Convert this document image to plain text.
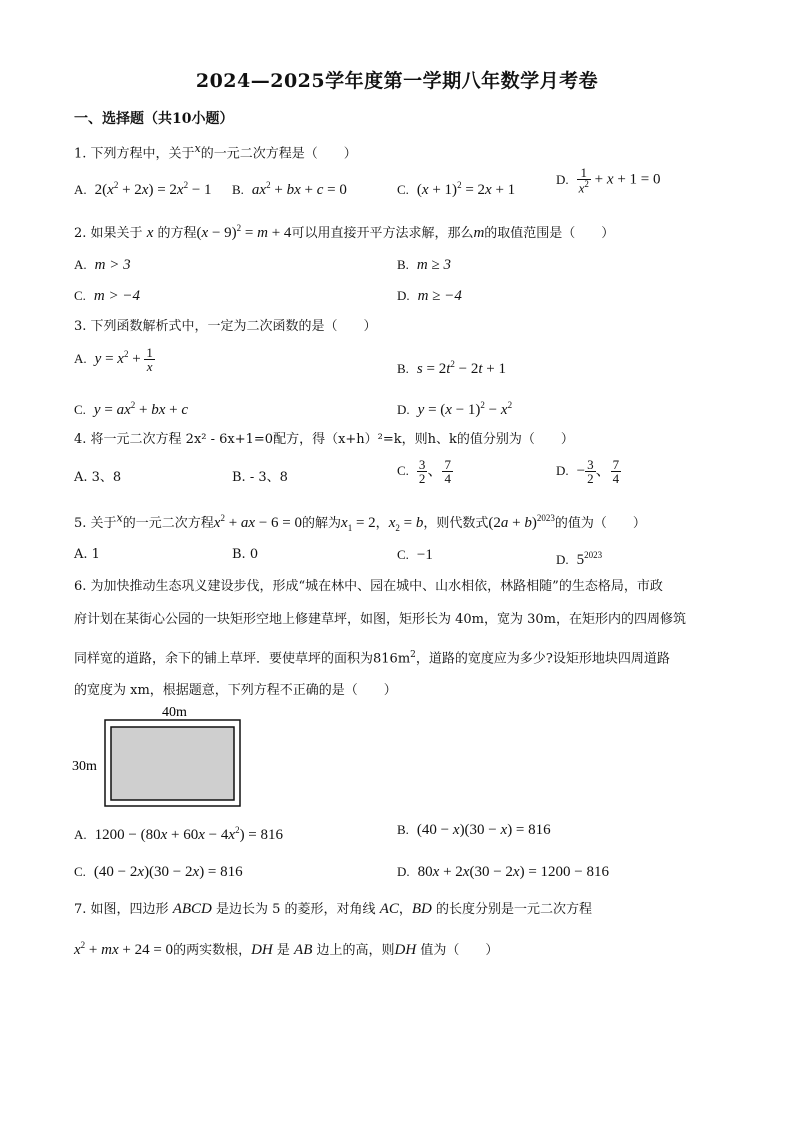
2024—2025学年度第一学期八年数学月考卷
一、选择题（共10小题）
1. 下列方程中，关于$^x$的一元二次方程是（　　）
A. $2(x^2 + 2x) = 2x^2 - 1$ B. $ax^2$ + bx + c = 0	C. $(x + 1)^2 = 2x + 1$
D. $\frac{1}{x^2} + x + 1 = 0$
2. 如果关于 x 的方程$(x - 9)^2 = m + 4$可以用直接开平方法求解，那么m的取值范围是（　　）
A. m > 3	B. m ≥ 3
C. m > −4	D. m ≥ −4
3. 下列函数解析式中，一定为二次函数的是（　　）
A. $y = x^2 + \frac{1}{x}$	B. $s = 2t^2 - 2t + 1$
C. $y = ax^2$ + bx + c	D. $y = (x - 1)^2 - x^2$
4. 将一元二次方程 2x² - 6x+1=0配方，得（x+h）²=k，则h、k的值分别为（　　）
A. 3、8	B. - 3、8	C. $\frac{3}{2}$ 、 $\frac{7}{4}$	D. − $\frac{3}{2}$ 、 $\frac{7}{4}$
5. 关于$^x$的一元二次方程$x^2$ + ax − 6 = 0的解为$x_1 = 2$，$x_2 = b$，则代数式$(2a + b)^{2023}$的值为（　　）
A. 1	B. 0	C. −1	D. $5^{2023}$
6. 为加快推动生态巩义建设步伐，形成“城在林中、园在城中、山水相依，林路相随”的生态格局，市政
府计划在某街心公园的一块矩形空地上修建草坪，如图，矩形长为 40m，宽为 30m，在矩形内的四周修筑
同样宽的道路，余下的铺上草坪．要使草坪的面积为$816m^2$，道路的宽度应为多少?设矩形地块四周道路
的宽度为 xm，根据题意，下列方程不正确的是（　　）
40m
30m
A. $1200 - (80x + 60x - 4x^2) = 816$	B. (40 − x)(30 − x) = 816
C. (40 − 2x)(30 − 2x) = 816	D. 80x + 2x(30 − 2x) = 1200 − 816
7. 如图，四边形 ABCD 是边长为 5 的菱形，对角线 AC，BD 的长度分别是一元二次方程
$x^2$ + mx + 24 = 0的两实数根，DH 是 AB 边上的高，则DH 值为（　　）
